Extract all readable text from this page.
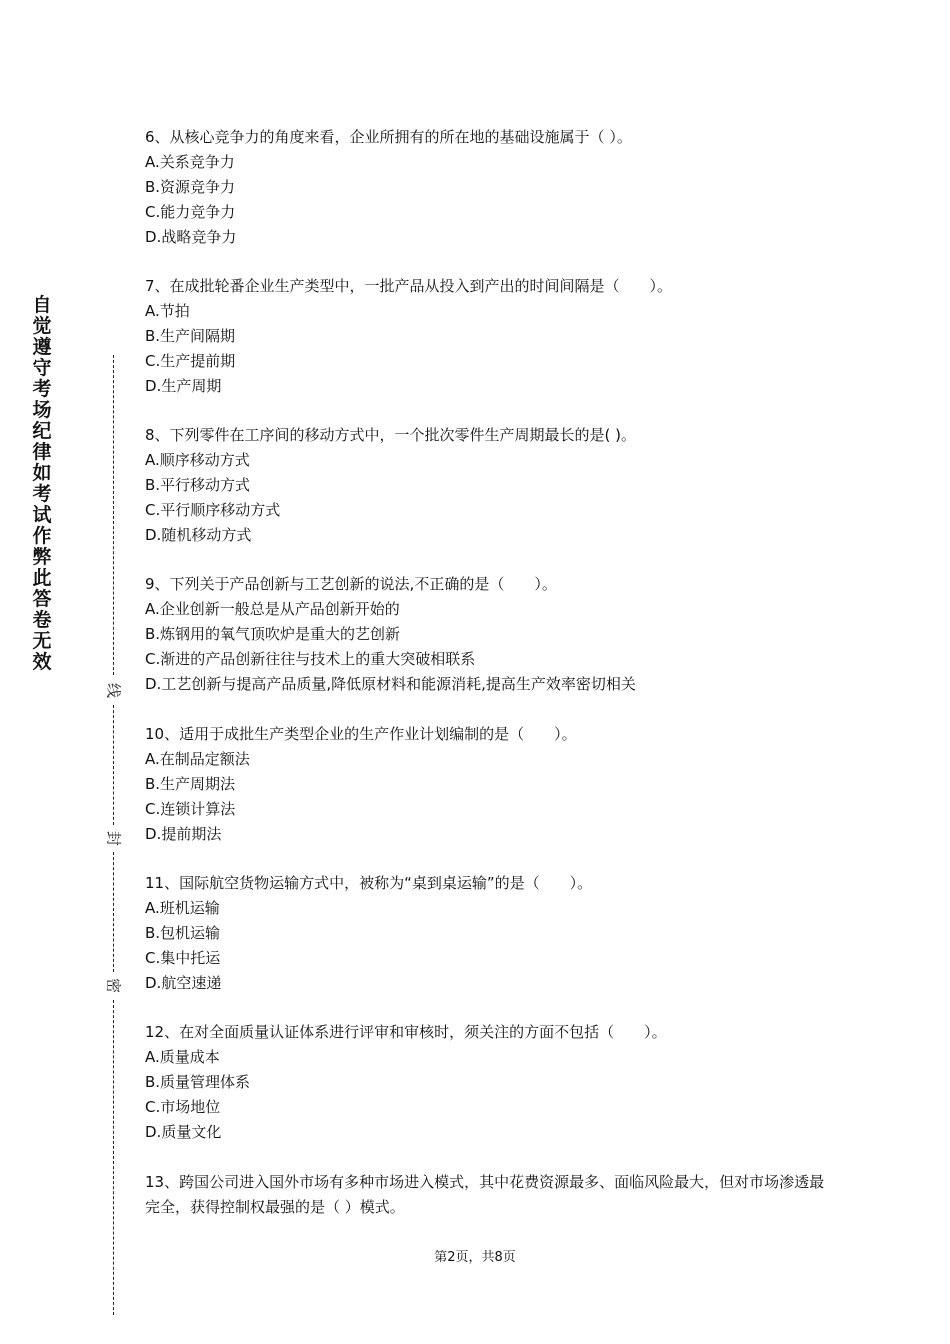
自觉遵守考场纪律如考试作弊此答卷无效
线
封
密
6、从核心竞争力的角度来看，企业所拥有的所在地的基础设施属于（ ）。
A.关系竞争力
B.资源竞争力
C.能力竞争力
D.战略竞争力
7、在成批轮番企业生产类型中，一批产品从投入到产出的时间间隔是（　　）。
A.节拍
B.生产间隔期
C.生产提前期
D.生产周期
8、下列零件在工序间的移动方式中，一个批次零件生产周期最长的是( )。
A.顺序移动方式
B.平行移动方式
C.平行顺序移动方式
D.随机移动方式
9、下列关于产品创新与工艺创新的说法,不正确的是（　　）。
A.企业创新一般总是从产品创新开始的
B.炼钢用的氧气顶吹炉是重大的艺创新
C.渐进的产品创新往往与技术上的重大突破相联系
D.工艺创新与提高产品质量,降低原材料和能源消耗,提高生产效率密切相关
10、适用于成批生产类型企业的生产作业计划编制的是（　　）。
A.在制品定额法
B.生产周期法
C.连锁计算法
D.提前期法
11、国际航空货物运输方式中，被称为“桌到桌运输”的是（　　）。
A.班机运输
B.包机运输
C.集中托运
D.航空速递
12、在对全面质量认证体系进行评审和审核时，须关注的方面不包括（　　）。
A.质量成本
B.质量管理体系
C.市场地位
D.质量文化
13、跨国公司进入国外市场有多种市场进入模式，其中花费资源最多、面临风险最大，但对市场渗透最完全，获得控制权最强的是（ ）模式。
第2页，共8页
